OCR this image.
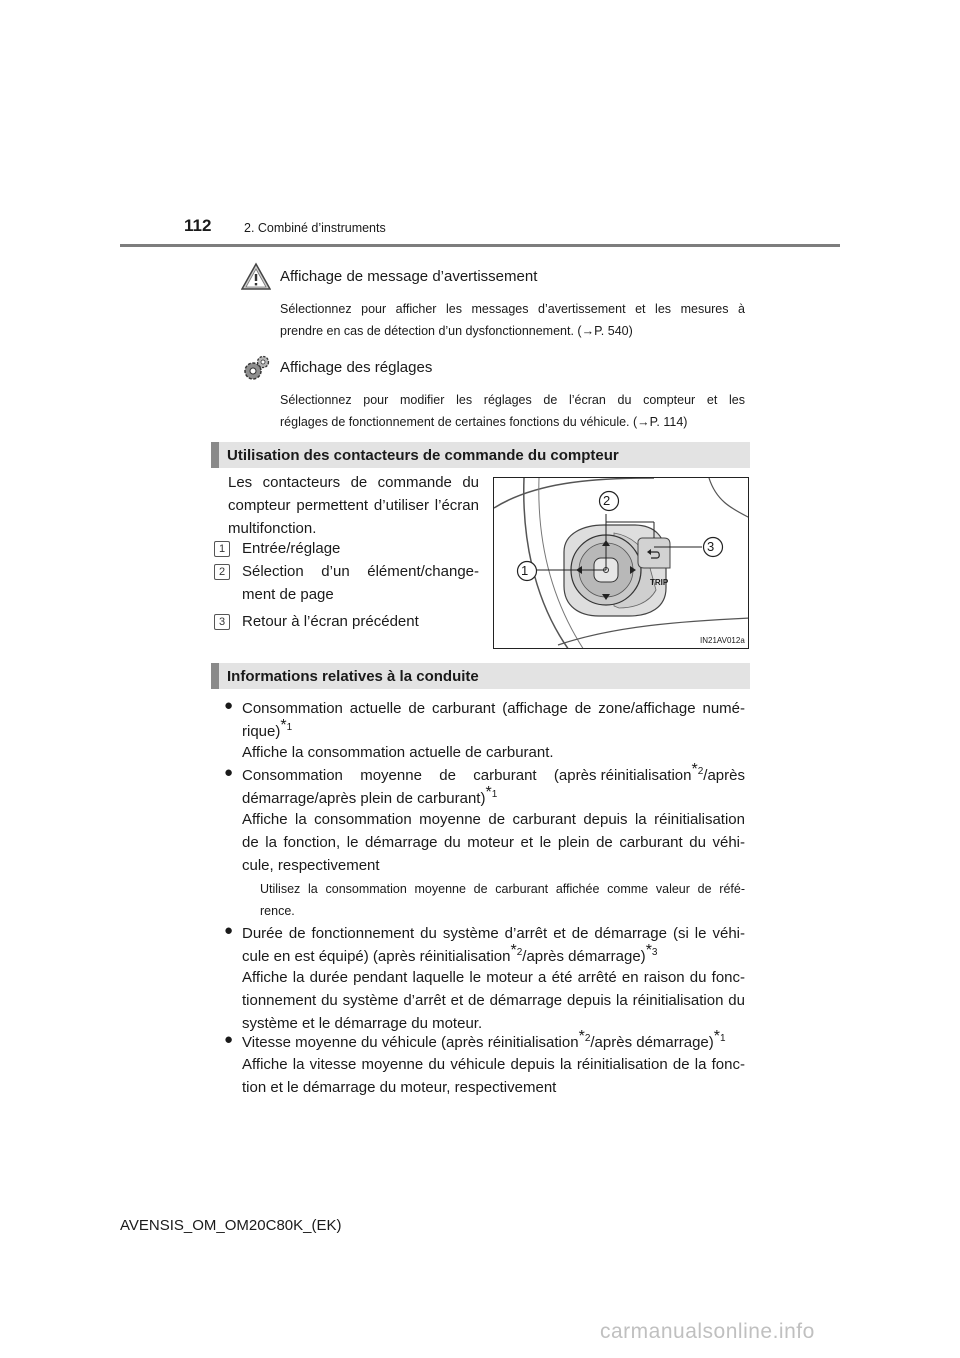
112	2. Combiné d’instruments
Affichage de message d’avertissement
Sélectionnez pour afficher les messages d’avertissement et les mesures à
prendre en cas de détection d’un dysfonctionnement. (→P. 540)
Affichage des réglages
Sélectionnez pour modifier les réglages de l’écran du compteur et les
réglages de fonctionnement de certaines fonctions du véhicule. (→P. 114)
Utilisation des contacteurs de commande du compteur
Les contacteurs de commande du
compteur permettent d’utiliser l’écran
multifonction.
1	Entrée/réglage
2	Sélection d’un élément/change-
ment de page
3	Retour à l’écran précédent
2
1
3
TRIP
IN21AV012a
Informations relatives à la conduite
● Consommation actuelle de carburant (affichage de zone/affichage numé-
rique)$^{*1}$
Affiche la consommation actuelle de carburant.
● Consommation moyenne de carburant (après réinitialisation$^{*2}$/après
démarrage/après plein de carburant)$^{*1}$
Affiche la consommation moyenne de carburant depuis la réinitialisation
de la fonction, le démarrage du moteur et le plein de carburant du véhi-
cule, respectivement
Utilisez la consommation moyenne de carburant affichée comme valeur de réfé-
rence.
● Durée de fonctionnement du système d’arrêt et de démarrage (si le véhi-
cule en est équipé) (après réinitialisation$^{*2}$/après démarrage)$^{*3}$
Affiche la durée pendant laquelle le moteur a été arrêté en raison du fonc-
tionnement du système d’arrêt et de démarrage depuis la réinitialisation du
système et le démarrage du moteur.
● Vitesse moyenne du véhicule (après réinitialisation$^{*2}$/après démarrage)$^{*1}$
Affiche la vitesse moyenne du véhicule depuis la réinitialisation de la fonc-
tion et le démarrage du moteur, respectivement
AVENSIS_OM_OM20C80K_(EK)
carmanualsonline.info
